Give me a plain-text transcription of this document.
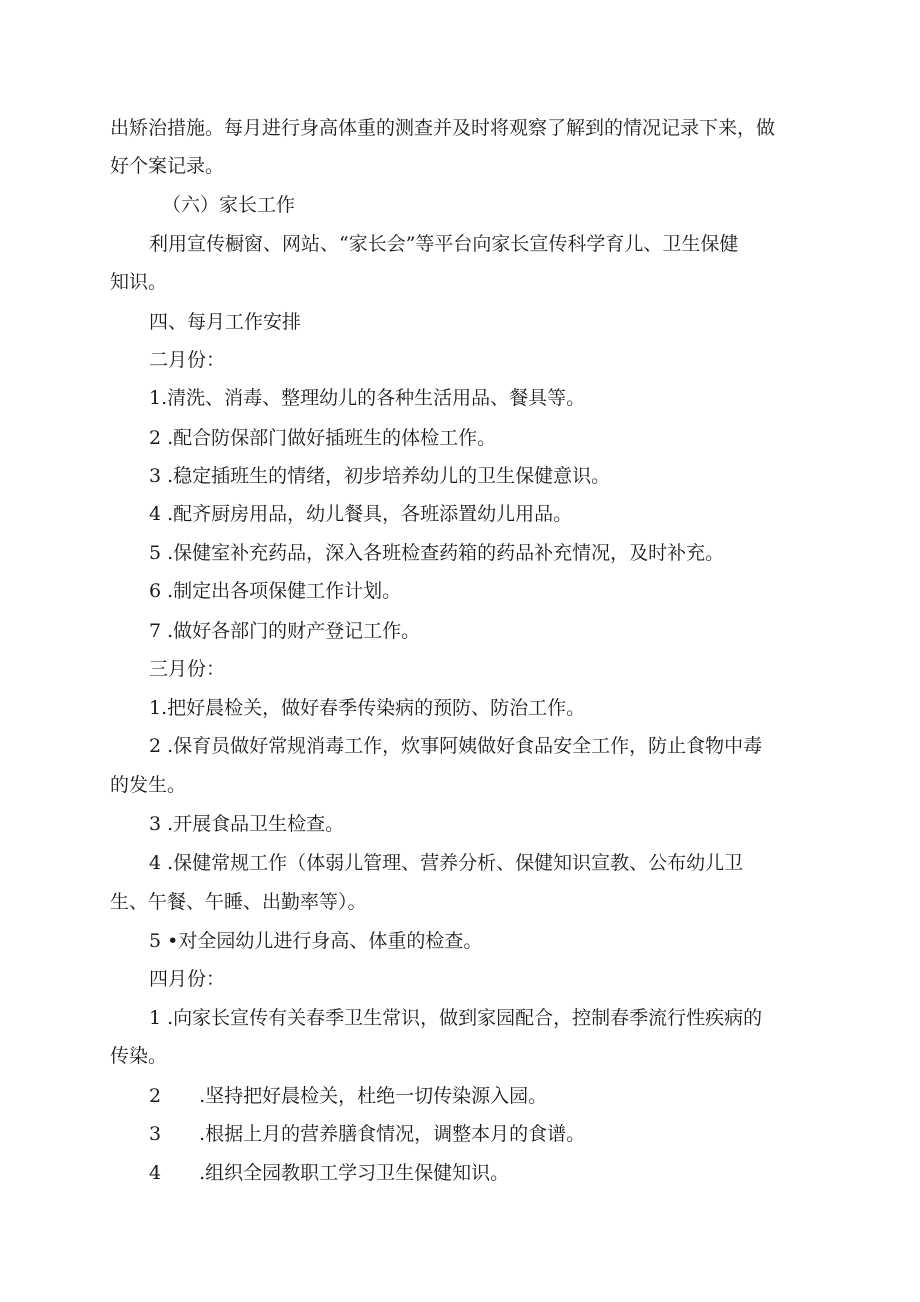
出矫治措施。每月进行身高体重的测查并及时将观察了解到的情况记录下来，做
好个案记录。
（六）家长工作
利用宣传橱窗、网站、“家长会”等平台向家长宣传科学育儿、卫生保健
知识。
四、每月工作安排
二月份：
1.清洗、消毒、整理幼儿的各种生活用品、餐具等。
2 .配合防保部门做好插班生的体检工作。
3 .稳定插班生的情绪，初步培养幼儿的卫生保健意识。
4 .配齐厨房用品，幼儿餐具，各班添置幼儿用品。
5 .保健室补充药品，深入各班检查药箱的药品补充情况，及时补充。
6 .制定出各项保健工作计划。
7 .做好各部门的财产登记工作。
三月份：
1.把好晨检关，做好春季传染病的预防、防治工作。
2 .保育员做好常规消毒工作，炊事阿姨做好食品安全工作，防止食物中毒
的发生。
3 .开展食品卫生检查。
4 .保健常规工作（体弱儿管理、营养分析、保健知识宣教、公布幼儿卫
生、午餐、午睡、出勤率等）。
5 •对全园幼儿进行身高、体重的检查。
四月份：
1 .向家长宣传有关春季卫生常识，做到家园配合，控制春季流行性疾病的
传染。
2　　.坚持把好晨检关，杜绝一切传染源入园。
3　　.根据上月的营养膳食情况，调整本月的食谱。
4　　.组织全园教职工学习卫生保健知识。
